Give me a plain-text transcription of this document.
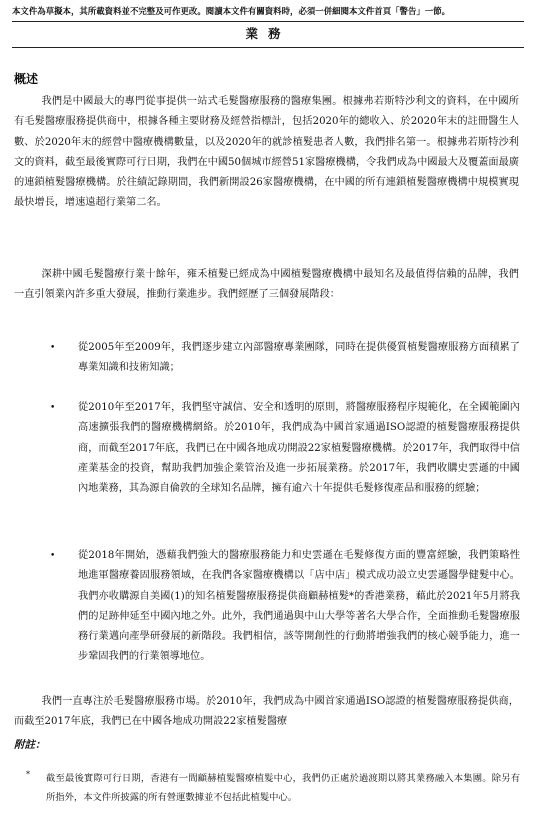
本文件為草擬本，其所載資料並不完整及可作更改。閱讀本文件有關資料時，必須一併細閱本文件首頁「警告」一節。
業務
概述
我們是中國最大的專門從事提供一站式毛髮醫療服務的醫療集團。根據弗若斯特沙利文的資料，在中國所有毛髮醫療服務提供商中，根據各種主要財務及經營指標計，包括2020年的總收入、於2020年末的註冊醫生人數、於2020年末的經營中醫療機構數量，以及2020年的就診植髮患者人數，我們排名第一。根據弗若斯特沙利文的資料，截至最後實際可行日期，我們在中國50個城市經營51家醫療機構，令我們成為中國最大及覆蓋面最廣的連鎖植髮醫療機構。於往績記錄期間，我們新開設26家醫療機構，在中國的所有連鎖植髮醫療機構中規模實現最快增長，增速遠超行業第二名。
深耕中國毛髮醫療行業十餘年，雍禾植髮已經成為中國植髮醫療機構中最知名及最值得信賴的品牌，我們一直引領業內許多重大發展，推動行業進步。我們經歷了三個發展階段：
• 從2005年至2009年，我們逐步建立內部醫療專業團隊，同時在提供優質植髮醫療服務方面積累了專業知識和技術知識；
• 從2010年至2017年，我們堅守誠信、安全和透明的原則，將醫療服務程序規範化，在全國範圍內高速擴張我們的醫療機構網絡。於2010年，我們成為中國首家通過ISO認證的植髮醫療服務提供商，而截至2017年底，我們已在中國各地成功開設22家植髮醫療機構。於2017年，我們取得中信產業基金的投資，幫助我們加強企業管治及進一步拓展業務。於2017年，我們收購史雲遜的中國內地業務，其為源自倫敦的全球知名品牌，擁有逾六十年提供毛髮修復產品和服務的經驗；
• 從2018年開始，憑藉我們強大的醫療服務能力和史雲遜在毛髮修復方面的豐富經驗，我們策略性地進軍醫療養固服務領域，在我們各家醫療機構以「店中店」模式成功設立史雲遜醫學健髮中心。我們亦收購源自美國(1)的知名植髮醫療服務提供商顧赫植髮*的香港業務，藉此於2021年5月將我們的足跡伸延至中國內地之外。此外，我們通過與中山大學等著名大學合作，全面推動毛髮醫療服務行業邁向產學研發展的新階段。我們相信，該等開創性的行動將增強我們的核心競爭能力，進一步鞏固我們的行業領導地位。
我們一直專注於毛髮醫療服務市場。於2010年，我們成為中國首家通過ISO認證的植髮醫療服務提供商，而截至2017年底，我們已在中國各地成功開設22家植髮醫療
附註：
* 截至最後實際可行日期，香港有一間顧赫植髮醫療植髮中心，我們仍正處於過渡期以將其業務融入本集團。除另有所指外，本文件所披露的所有營運數據並不包括此植髮中心。
